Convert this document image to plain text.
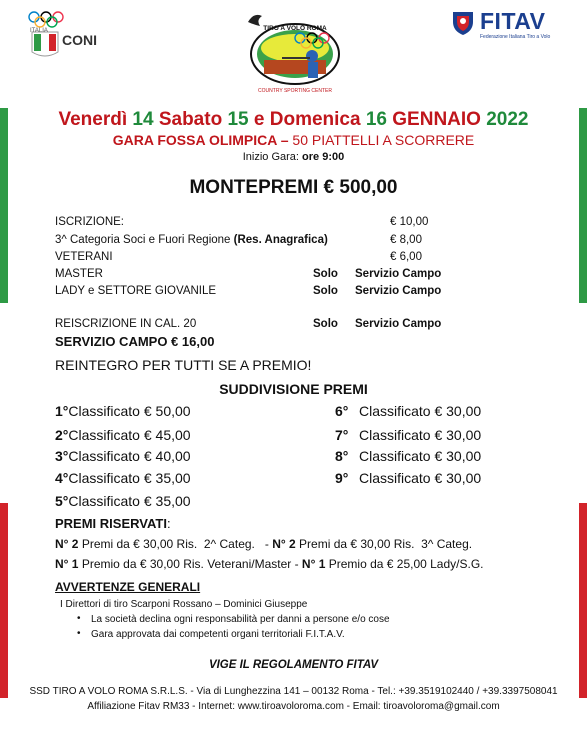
ITALIA
CONI
TIRO A VOLO ROMA
COUNTRY SPORTING CENTER
FITAV
Federazione Italiana Tiro a Volo
Venerdì 14 Sabato 15 e Domenica 16 GENNAIO 2022
GARA FOSSA OLIMPICA – 50 PIATTELLI A SCORRERE
Inizio Gara: ore 9:00
MONTEPREMI € 500,00
ISCRIZIONE:	€ 10,00
3^ Categoria Soci e Fuori Regione (Res. Anagrafica)	€ 8,00
VETERANI	€ 6,00
MASTER	Solo Servizio Campo
LADY e SETTORE GIOVANILE	Solo Servizio Campo
REISCRIZIONE IN CAL. 20	Solo Servizio Campo
SERVIZIO CAMPO € 16,00
REINTEGRO PER TUTTI SE A PREMIO!
SUDDIVISIONE PREMI
1°Classificato € 50,00
2°Classificato € 45,00
3°Classificato € 40,00
4°Classificato € 35,00
5°Classificato € 35,00
6° Classificato € 30,00
7° Classificato € 30,00
8° Classificato € 30,00
9° Classificato € 30,00
PREMI RISERVATI:
N° 2 Premi da € 30,00 Ris.  2^ Categ.   - N° 2 Premi da € 30,00 Ris.  3^ Categ.
N° 1 Premio da € 30,00 Ris. Veterani/Master - N° 1 Premio da € 25,00 Lady/S.G.
AVVERTENZE GENERALI
I Direttori di tiro Scarponi Rossano – Dominici Giuseppe
• La società declina ogni responsabilità per danni a persone e/o cose
• Gara approvata dai competenti organi territoriali F.I.T.A.V.
VIGE IL REGOLAMENTO FITAV
SSD TIRO A VOLO ROMA S.R.L.S. - Via di Lunghezzina 141 – 00132 Roma - Tel.: +39.3519102440 / +39.3397508041
Affiliazione Fitav RM33 - Internet: www.tiroavoloroma.com - Email: tiroavoloroma@gmail.com
